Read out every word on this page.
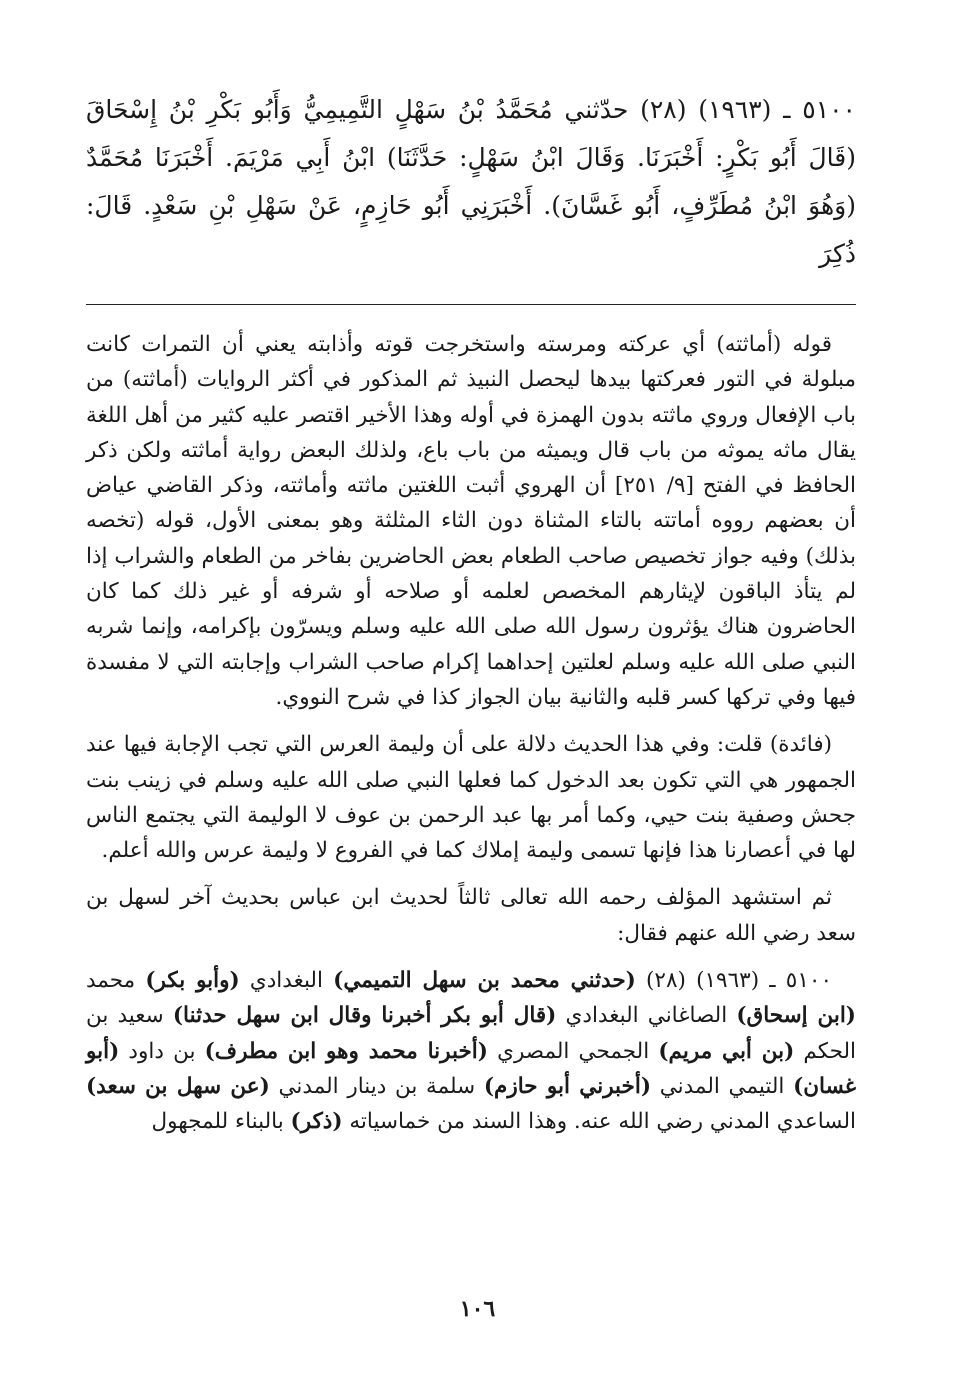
٥١٠٠ ـ (١٩٦٣) (٢٨) حدّثني مُحَمَّدُ بْنُ سَهْلٍ التَّمِيمِيُّ وَأَبُو بَكْرِ بْنُ إِسْحَاقَ (قَالَ أَبُو بَكْرٍ: أَخْبَرَنَا. وَقَالَ ابْنُ سَهْلٍ: حَدَّثَنَا) ابْنُ أَبِي مَرْيَمَ. أَخْبَرَنَا مُحَمَّدٌ (وَهُوَ ابْنُ مُطَرِّفٍ، أَبُو غَسَّانَ). أَخْبَرَنِي أَبُو حَازِمٍ، عَنْ سَهْلِ بْنِ سَعْدٍ. قَالَ: ذُكِرَ

قوله (أماثته) أي عركته ومرسته واستخرجت قوته وأذابته يعني أن التمرات كانت مبلولة في التور فعركتها بيدها ليحصل النبيذ ثم المذكور في أكثر الروايات (أماثته) من باب الإفعال وروي ماثته بدون الهمزة في أوله وهذا الأخير اقتصر عليه كثير من أهل اللغة يقال ماثه يموثه من باب قال ويميثه من باب باع، ولذلك البعض رواية أماثته ولكن ذكر الحافظ في الفتح [٩/ ٢٥١] أن الهروي أثبت اللغتين ماثته وأماثته، وذكر القاضي عياض أن بعضهم رووه أماتته بالتاء المثناة دون الثاء المثلثة وهو بمعنى الأول، قوله (تخصه بذلك) وفيه جواز تخصيص صاحب الطعام بعض الحاضرين بفاخر من الطعام والشراب إذا لم يتأذ الباقون لإيثارهم المخصص لعلمه أو صلاحه أو شرفه أو غير ذلك كما كان الحاضرون هناك يؤثرون رسول الله صلى الله عليه وسلم ويسرّون بإكرامه، وإنما شربه النبي صلى الله عليه وسلم لعلتين إحداهما إكرام صاحب الشراب وإجابته التي لا مفسدة فيها وفي تركها كسر قلبه والثانية بيان الجواز كذا في شرح النووي.

(فائدة) قلت: وفي هذا الحديث دلالة على أن وليمة العرس التي تجب الإجابة فيها عند الجمهور هي التي تكون بعد الدخول كما فعلها النبي صلى الله عليه وسلم في زينب بنت جحش وصفية بنت حيي، وكما أمر بها عبد الرحمن بن عوف لا الوليمة التي يجتمع الناس لها في أعصارنا هذا فإنها تسمى وليمة إملاك كما في الفروع لا وليمة عرس والله أعلم.

ثم استشهد المؤلف رحمه الله تعالى ثالثاً لحديث ابن عباس بحديث آخر لسهل بن سعد رضي الله عنهم فقال:

٥١٠٠ ـ (١٩٦٣) (٢٨) (حدثني محمد بن سهل التميمي) البغدادي (وأبو بكر) محمد (ابن إسحاق) الصاغاني البغدادي (قال أبو بكر أخبرنا وقال ابن سهل حدثنا) سعيد بن الحكم (بن أبي مريم) الجمحي المصري (أخبرنا محمد وهو ابن مطرف) بن داود (أبو غسان) التيمي المدني (أخبرني أبو حازم) سلمة بن دينار المدني (عن سهل بن سعد) الساعدي المدني رضي الله عنه. وهذا السند من خماسياته (ذكر) بالبناء للمجهول

١٠٦
